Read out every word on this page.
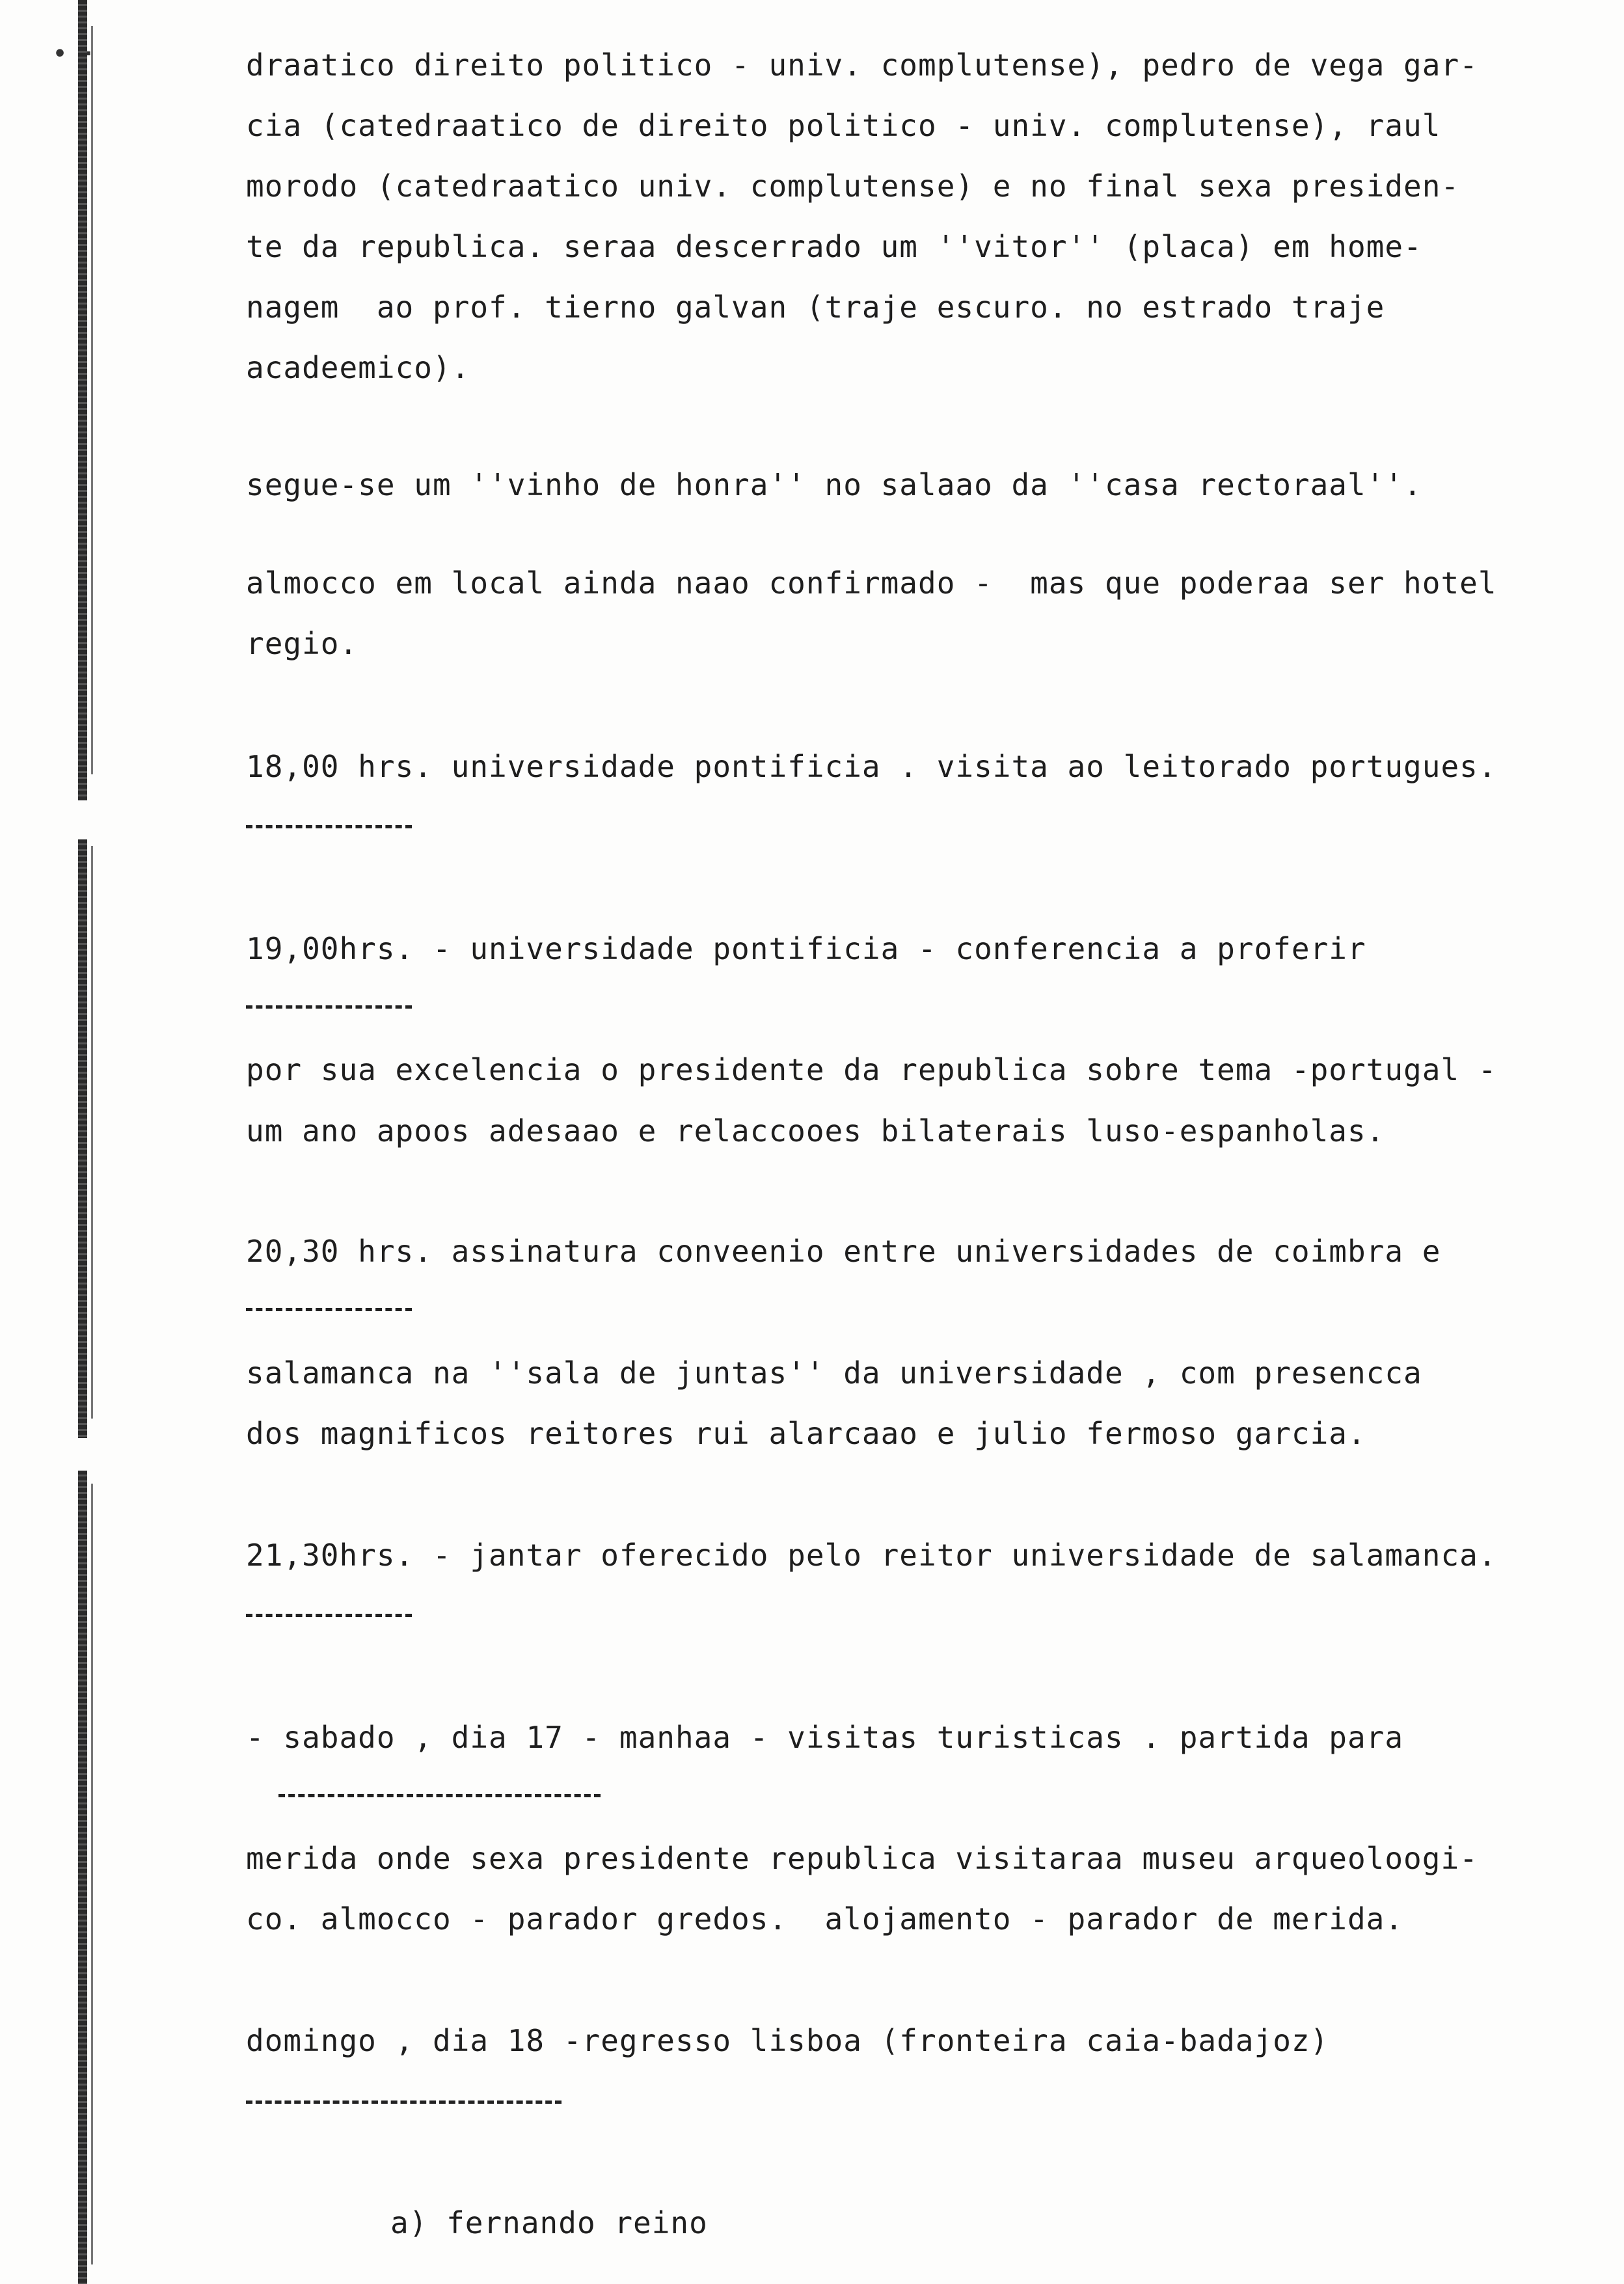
•·	draatico direito politico - univ. complutense), pedro de vega gar-
cia (catedraatico de direito politico - univ. complutense), raul
morodo (catedraatico univ. complutense) e no final sexa presiden-
te da republica. seraa descerrado um ''vitor'' (placa) em home-
nagem  ao prof. tierno galvan (traje escuro. no estrado traje
acadeemico).
segue-se um ''vinho de honra'' no salaao da ''casa rectoraal''.
almocco em local ainda naao confirmado -  mas que poderaa ser hotel
regio.
18,00 hrs. universidade pontificia . visita ao leitorado portugues.
19,00hrs. - universidade pontificia - conferencia a proferir
por sua excelencia o presidente da republica sobre tema -portugal -
um ano apoos adesaao e relaccooes bilaterais luso-espanholas.
20,30 hrs. assinatura conveenio entre universidades de coimbra e
salamanca na ''sala de juntas'' da universidade , com presencca
dos magnificos reitores rui alarcaao e julio fermoso garcia.
21,30hrs. - jantar oferecido pelo reitor universidade de salamanca.
- sabado , dia 17 - manhaa - visitas turisticas . partida para
merida onde sexa presidente republica visitaraa museu arqueoloogi-
co. almocco - parador gredos.  alojamento - parador de merida.
domingo , dia 18 -regresso lisboa (fronteira caia-badajoz)
a) fernando reino
